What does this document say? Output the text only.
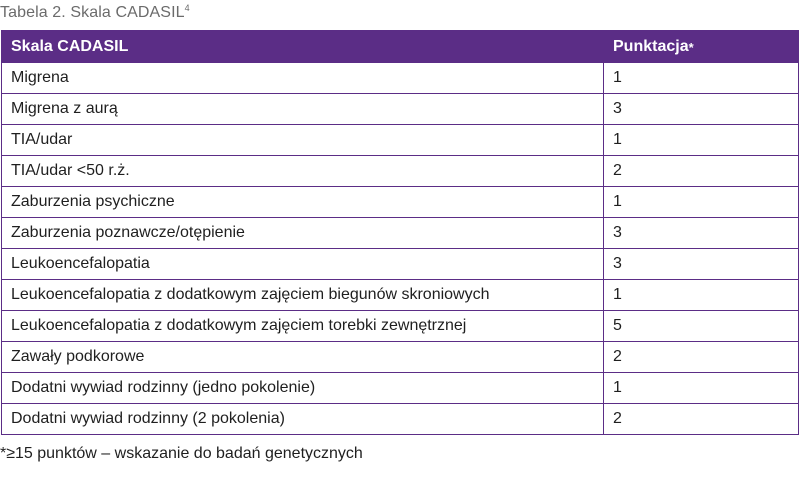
Tabela 2. Skala CADASIL$^4$
Skala CADASIL	Punktacja*
Migrena	1
Migrena z aurą	3
TIA/udar	1
TIA/udar <50 r.ż.	2
Zaburzenia psychiczne	1
Zaburzenia poznawcze/otępienie	3
Leukoencefalopatia	3
Leukoencefalopatia z dodatkowym zajęciem biegunów skroniowych	1
Leukoencefalopatia z dodatkowym zajęciem torebki zewnętrznej	5
Zawały podkorowe	2
Dodatni wywiad rodzinny (jedno pokolenie)	1
Dodatni wywiad rodzinny (2 pokolenia)	2
*≥15 punktów – wskazanie do badań genetycznych
